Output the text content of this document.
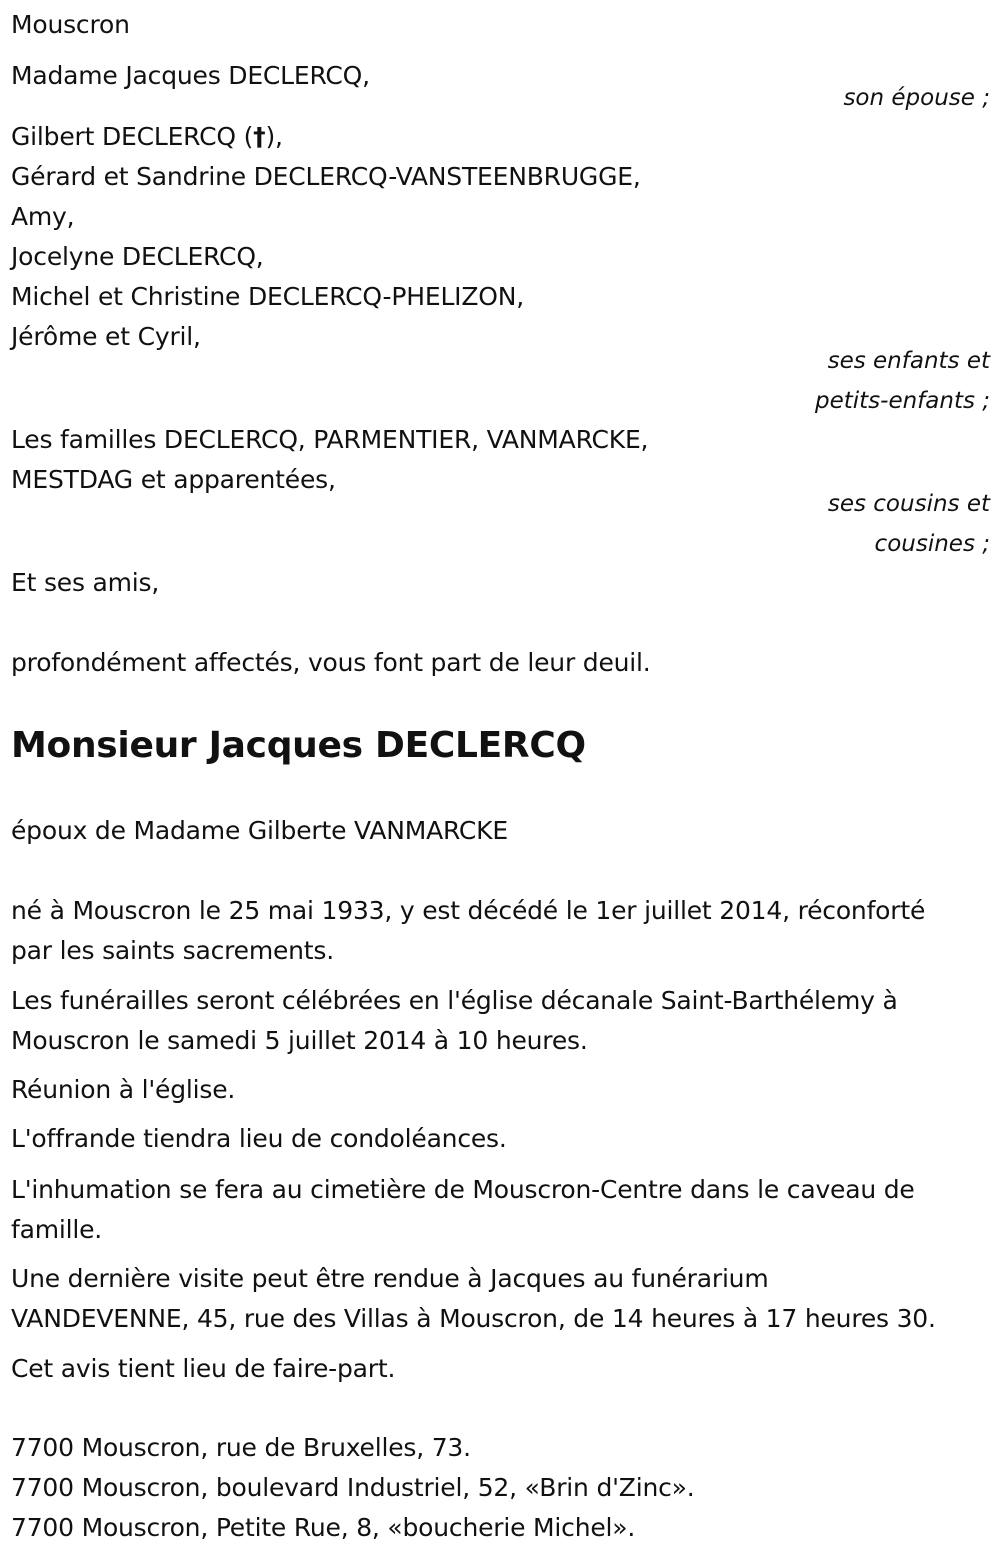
Mouscron
Madame Jacques DECLERCQ,
son épouse ;
Gilbert DECLERCQ (†),
Gérard et Sandrine DECLERCQ-VANSTEENBRUGGE,
Amy,
Jocelyne DECLERCQ,
Michel et Christine DECLERCQ-PHELIZON,
Jérôme et Cyril,
ses enfants et
petits-enfants ;
Les familles DECLERCQ, PARMENTIER, VANMARCKE,
MESTDAG et apparentées,
ses cousins et
cousines ;
Et ses amis,
profondément affectés, vous font part de leur deuil.
Monsieur Jacques DECLERCQ
époux de Madame Gilberte VANMARCKE
né à Mouscron le 25 mai 1933, y est décédé le 1er juillet 2014, réconforté
par les saints sacrements.
Les funérailles seront célébrées en l'église décanale Saint-Barthélemy à
Mouscron le samedi 5 juillet 2014 à 10 heures.
Réunion à l'église.
L'offrande tiendra lieu de condoléances.
L'inhumation se fera au cimetière de Mouscron-Centre dans le caveau de
famille.
Une dernière visite peut être rendue à Jacques au funérarium
VANDEVENNE, 45, rue des Villas à Mouscron, de 14 heures à 17 heures 30.
Cet avis tient lieu de faire-part.
7700 Mouscron, rue de Bruxelles, 73.
7700 Mouscron, boulevard Industriel, 52, «Brin d'Zinc».
7700 Mouscron, Petite Rue, 8, «boucherie Michel».
